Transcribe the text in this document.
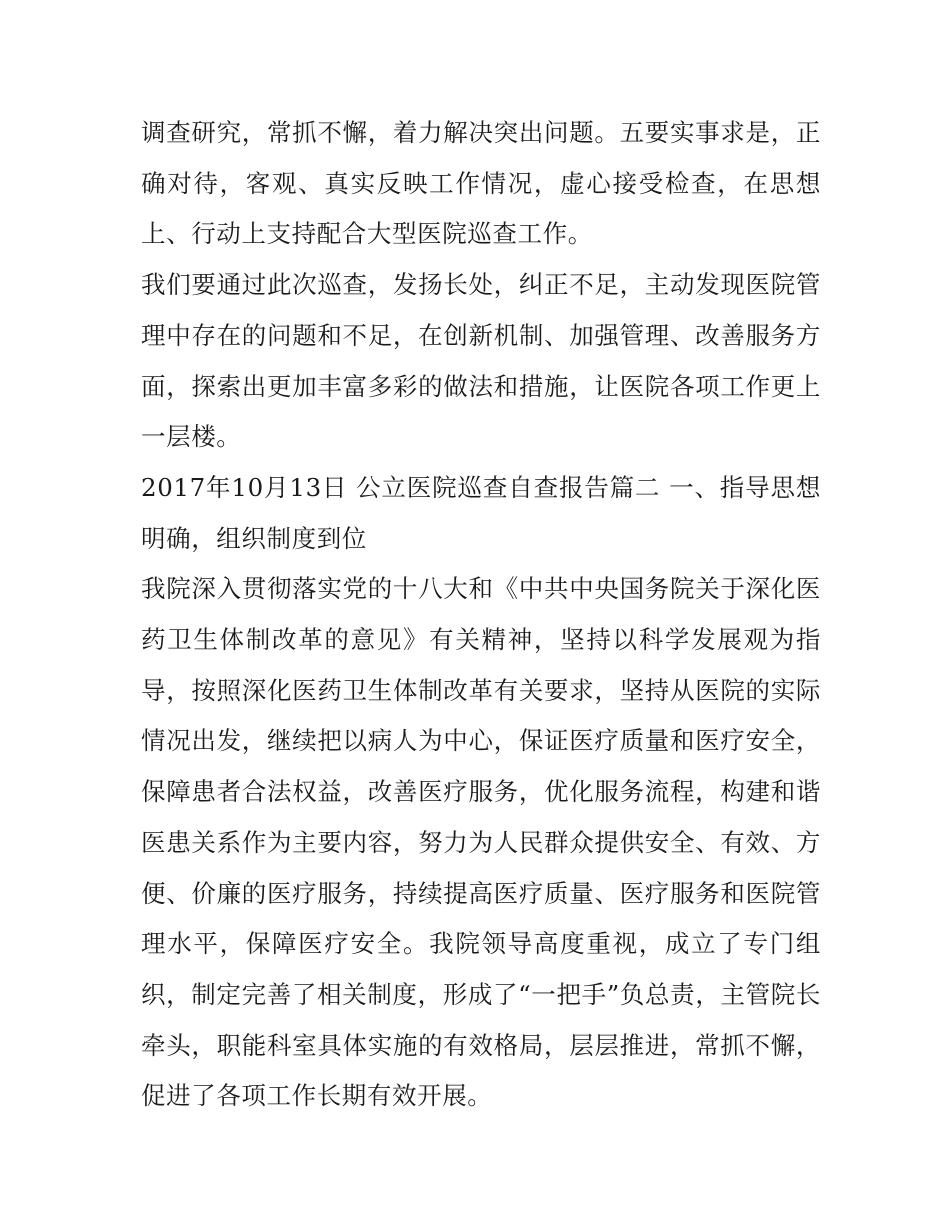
调查研究，常抓不懈，着力解决突出问题。五要实事求是，正确对待，客观、真实反映工作情况，虚心接受检查，在思想上、行动上支持配合大型医院巡查工作。

我们要通过此次巡查，发扬长处，纠正不足，主动发现医院管理中存在的问题和不足，在创新机制、加强管理、改善服务方面，探索出更加丰富多彩的做法和措施，让医院各项工作更上一层楼。

2017年10月13日 公立医院巡查自查报告篇二 一、指导思想明确，组织制度到位

我院深入贯彻落实党的十八大和《中共中央国务院关于深化医药卫生体制改革的意见》有关精神，坚持以科学发展观为指导，按照深化医药卫生体制改革有关要求，坚持从医院的实际情况出发，继续把以病人为中心，保证医疗质量和医疗安全，保障患者合法权益，改善医疗服务，优化服务流程，构建和谐医患关系作为主要内容，努力为人民群众提供安全、有效、方便、价廉的医疗服务，持续提高医疗质量、医疗服务和医院管理水平，保障医疗安全。我院领导高度重视，成立了专门组织，制定完善了相关制度，形成了“一把手”负总责，主管院长牵头，职能科室具体实施的有效格局，层层推进，常抓不懈，促进了各项工作长期有效开展。
